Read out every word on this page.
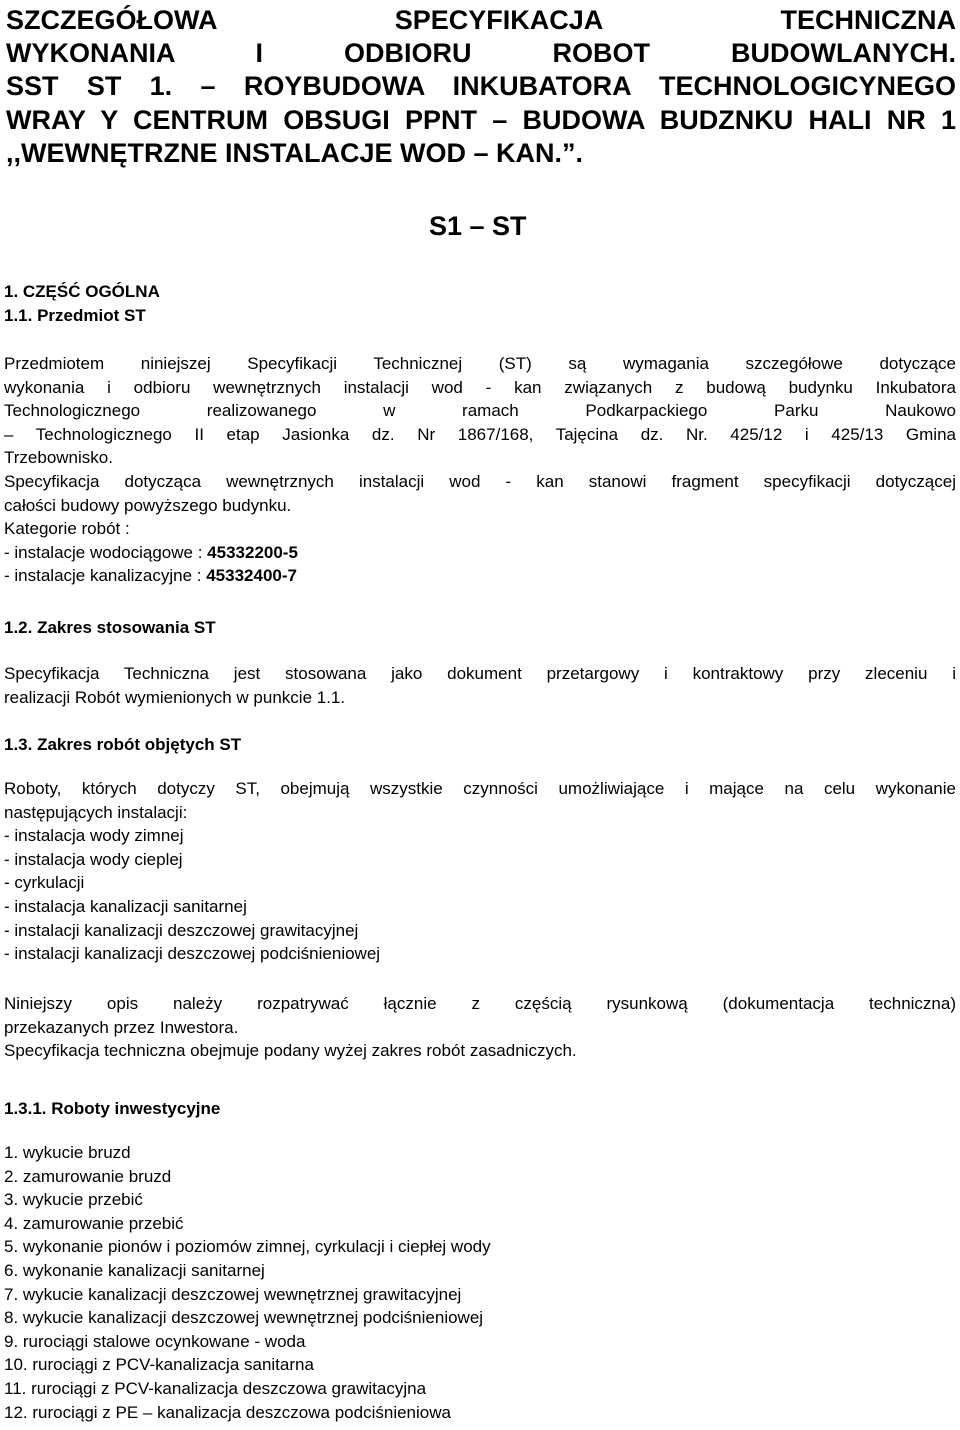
SZCZEGÓŁOWA SPECYFIKACJA TECHNICZNA
WYKONANIA I ODBIORU ROBOT BUDOWLANYCH.
SST ST 1. – ROYBUDOWA INKUBATORA TECHNOLOGICYNEGO
WRAY Y CENTRUM OBSUGI PPNT – BUDOWA BUDZNKU HALI NR 1
,,WEWNĘTRZNE INSTALACJE WOD – KAN.”.
S1 – ST
1. CZĘŚĆ OGÓLNA
1.1. Przedmiot ST
Przedmiotem niniejszej Specyfikacji Technicznej (ST) są wymagania szczegółowe dotyczące
wykonania i odbioru wewnętrznych instalacji wod - kan związanych z budową budynku Inkubatora
Technologicznego realizowanego w ramach Podkarpackiego Parku Naukowo
– Technologicznego II etap Jasionka dz. Nr 1867/168, Tajęcina dz. Nr. 425/12 i 425/13 Gmina
Trzebownisko.
Specyfikacja dotycząca wewnętrznych instalacji wod - kan stanowi fragment specyfikacji dotyczącej
całości budowy powyższego budynku.
Kategorie robót :
- instalacje wodociągowe : 45332200-5
- instalacje kanalizacyjne : 45332400-7
1.2. Zakres stosowania ST
Specyfikacja Techniczna jest stosowana jako dokument przetargowy i kontraktowy przy zleceniu i
realizacji Robót wymienionych w punkcie 1.1.
1.3. Zakres robót objętych ST
Roboty, których dotyczy ST, obejmują wszystkie czynności umożliwiające i mające na celu wykonanie
następujących instalacji:
- instalacja wody zimnej
- instalacja wody cieplej
- cyrkulacji
- instalacja kanalizacji sanitarnej
- instalacji kanalizacji deszczowej grawitacyjnej
- instalacji kanalizacji deszczowej podciśnieniowej
Niniejszy opis należy rozpatrywać łącznie z częścią rysunkową (dokumentacja techniczna)
przekazanych przez Inwestora.
Specyfikacja techniczna obejmuje podany wyżej zakres robót zasadniczych.
1.3.1. Roboty inwestycyjne
1. wykucie bruzd
2. zamurowanie bruzd
3. wykucie przebić
4. zamurowanie przebić
5. wykonanie pionów i poziomów zimnej, cyrkulacji i ciepłej wody
6. wykonanie kanalizacji sanitarnej
7. wykucie kanalizacji deszczowej wewnętrznej grawitacyjnej
8. wykucie kanalizacji deszczowej wewnętrznej podciśnieniowej
9. rurociągi stalowe ocynkowane - woda
10. rurociągi z PCV-kanalizacja sanitarna
11. rurociągi z PCV-kanalizacja deszczowa grawitacyjna
12. rurociągi z PE – kanalizacja deszczowa podciśnieniowa
